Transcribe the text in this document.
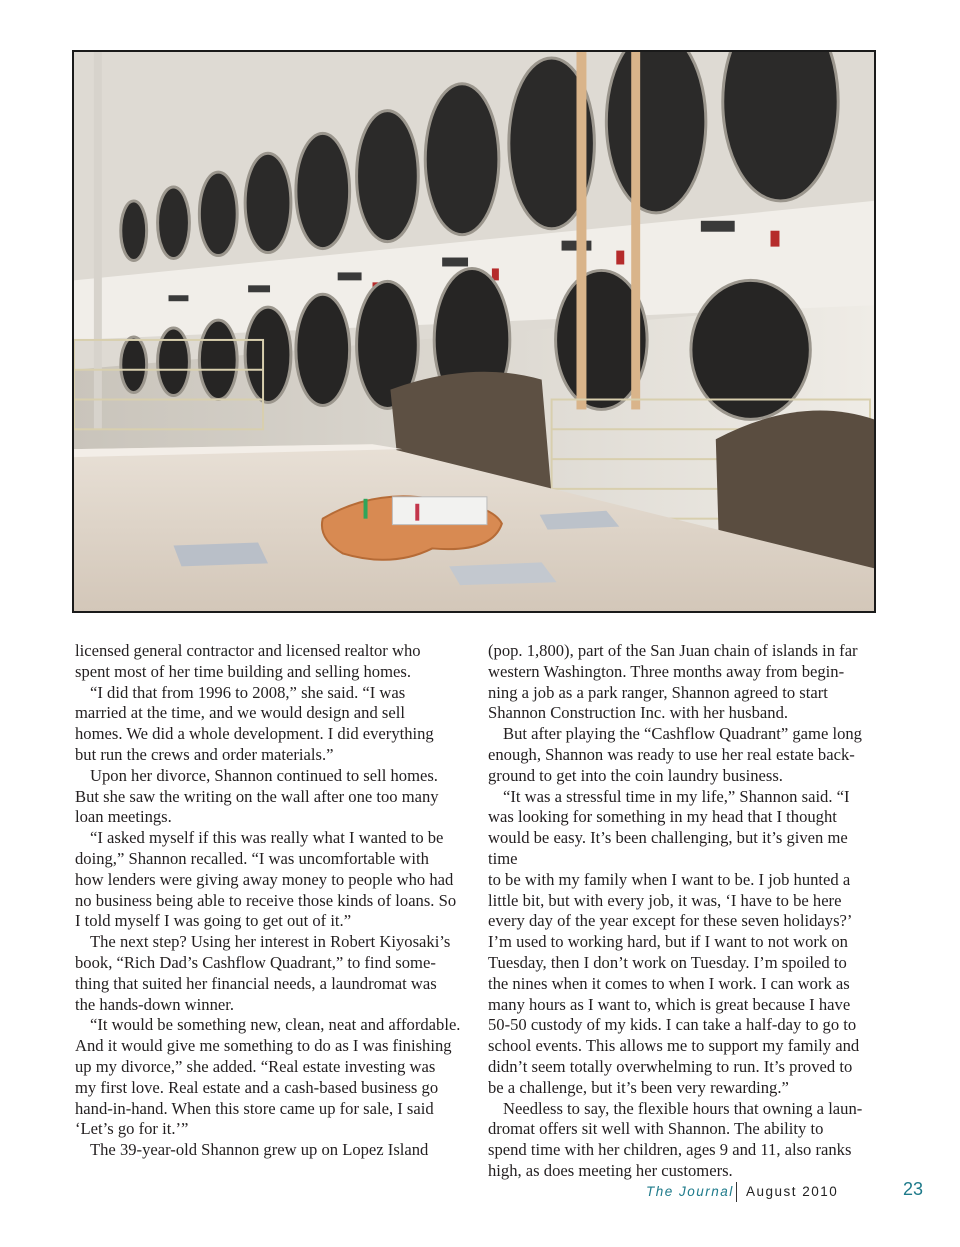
licensed general contractor and licensed realtor who
spent most of her time building and selling homes.

“I did that from 1996 to 2008,” she said. “I was
married at the time, and we would design and sell
homes. We did a whole development. I did everything
but run the crews and order materials.”

Upon her divorce, Shannon continued to sell homes.
But she saw the writing on the wall after one too many
loan meetings.

“I asked myself if this was really what I wanted to be
doing,” Shannon recalled. “I was uncomfortable with
how lenders were giving away money to people who had
no business being able to receive those kinds of loans. So
I told myself I was going to get out of it.”

The next step? Using her interest in Robert Kiyosaki’s
book, “Rich Dad’s Cashflow Quadrant,” to find some-
thing that suited her financial needs, a laundromat was
the hands-down winner.

“It would be something new, clean, neat and affordable.
And it would give me something to do as I was finishing
up my divorce,” she added. “Real estate investing was
my first love. Real estate and a cash-based business go
hand-in-hand. When this store came up for sale, I said
‘Let’s go for it.’”

The 39-year-old Shannon grew up on Lopez Island

(pop. 1,800), part of the San Juan chain of islands in far
western Washington. Three months away from begin-
ning a job as a park ranger, Shannon agreed to start
Shannon Construction Inc. with her husband.

But after playing the “Cashflow Quadrant” game long
enough, Shannon was ready to use her real estate back-
ground to get into the coin laundry business.

“It was a stressful time in my life,” Shannon said. “I
was looking for something in my head that I thought
would be easy. It’s been challenging, but it’s given me time
to be with my family when I want to be. I job hunted a
little bit, but with every job, it was, ‘I have to be here
every day of the year except for these seven holidays?’
I’m used to working hard, but if I want to not work on
Tuesday, then I don’t work on Tuesday. I’m spoiled to
the nines when it comes to when I work. I can work as
many hours as I want to, which is great because I have
50-50 custody of my kids. I can take a half-day to go to
school events. This allows me to support my family and
didn’t seem totally overwhelming to run. It’s proved to
be a challenge, but it’s been very rewarding.”

Needless to say, the flexible hours that owning a laun-
dromat offers sit well with Shannon. The ability to
spend time with her children, ages 9 and 11, also ranks
high, as does meeting her customers.

The Journal August 2010	23
